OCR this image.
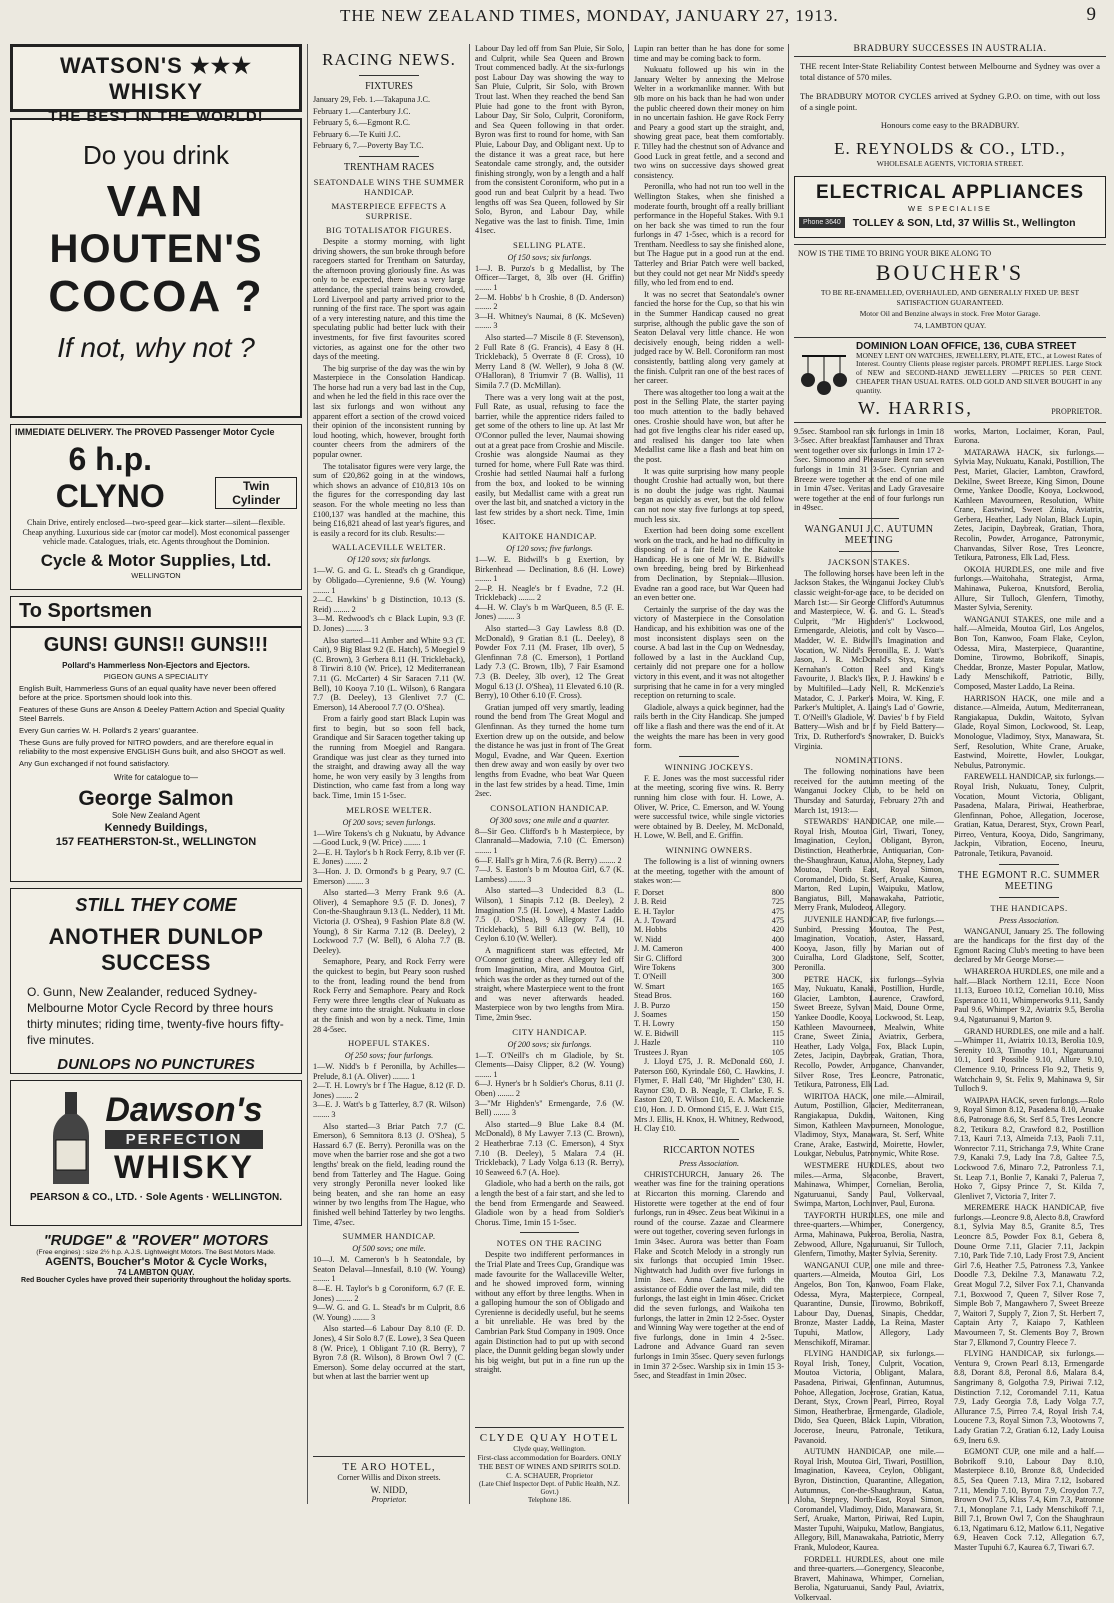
THE NEW ZEALAND TIMES, MONDAY, JANUARY 27, 1913.	9
WATSON'S ★★★ WHISKY
THE BEST IN THE WORLD!
Do you drink
VAN
HOUTEN'S
COCOA ?
If not, why not ?
IMMEDIATE DELIVERY. The PROVED Passenger Motor Cycle
6 h.p. CLYNO	Twin Cylinder
Chain Drive, entirely enclosed—two-speed gear—kick starter—silent—flexible. Cheap anything. Luxurious side car (motor car model). Most economical passenger vehicle made. Catalogues, trials, etc. Agents throughout the Dominion.
Cycle & Motor Supplies, Ltd.
WELLINGTON
To Sportsmen
GUNS! GUNS!! GUNS!!!
Pollard's Hammerless Non-Ejectors and Ejectors.
PIGEON GUNS A SPECIALITY
English Built, Hammerless Guns of an equal quality have never been offered before at the price. Sportsmen should look into this.
Features of these Guns are Anson & Deeley Pattern Action and Special Quality Steel Barrels.
Every Gun carries W. H. Pollard's 2 years' guarantee.
These Guns are fully proved for NITRO powders, and are therefore equal in reliability to the most expensive ENGLISH Guns built, and also SHOOT as well.
Any Gun exchanged if not found satisfactory.
Write for catalogue to—
George Salmon
Sole New Zealand Agent
Kennedy Buildings,
157 FEATHERSTON-St., WELLINGTON
STILL THEY COME
ANOTHER DUNLOP SUCCESS
O. Gunn, New Zealander, reduced Sydney-Melbourne Motor Cycle Record by three hours thirty minutes; riding time, twenty-five hours fifty-five minutes.
DUNLOPS NO PUNCTURES
Dawson's
PERFECTION
WHISKY
PEARSON & CO., LTD. · Sole Agents · WELLINGTON.
"RUDGE" & "ROVER" MOTORS
(Free engines) : size 2½ h.p. A.J.S. Lightweight Motors. The Best Motors Made.
AGENTS, Boucher's Motor & Cycle Works,
74 LAMBTON QUAY.
Red Boucher Cycles have proved their superiority throughout the holiday sports.
RACING NEWS.
FIXTURES

January 29, Feb. 1.—Takapuna J.C.

February 1.—Canterbury J.C.

February 5, 6.—Egmont R.C.

February 6.—Te Kuiti J.C.

February 6, 7.—Poverty Bay T.C.

TRENTHAM RACES
SEATONDALE WINS THE SUMMER HANDICAP.
MASTERPIECE EFFECTS A SURPRISE.
BIG TOTALISATOR FIGURES.

Despite a stormy morning, with light driving showers, the sun broke through before racegoers started for Trentham on Saturday, the afternoon proving gloriously fine. As was only to be expected, there was a very large attendance, the special trains being crowded, Lord Liverpool and party arrived prior to the running of the first race. The sport was again of a very interesting nature, and this time the speculating public had better luck with their investments, for five first favourites scored victories, as against one for the other two days of the meeting.

The big surprise of the day was the win by Masterpiece in the Consolation Handicap. The horse had run a very bad last in the Cup, and when he led the field in this race over the last six furlongs and won without any apparent effort a section of the crowd voiced their opinion of the inconsistent running by loud hooting, which, however, brought forth counter cheers from the admirers of the popular owner.

The totalisator figures were very large, the sum of £20,862 going in at the windows, which shows an advance of £10,813 10s on the figures for the corresponding day last season. For the whole meeting no less than £100,137 was handled at the machine, this being £16,821 ahead of last year's figures, and is easily a record for its club. Results:—

WALLACEVILLE WELTER.
Of 120 sovs; six furlongs.

1—W. G. and G. L. Stead's ch g Grandique, by Obligado—Cyrenienne, 9.6 (W. Young) ........ 1
2—C. Hawkins' b g Distinction, 10.13 (S. Reid) ........ 2
3—M. Redwood's ch c Black Lupin, 9.3 (F. D. Jones) ........ 3

Also started—11 Amber and White 9.3 (T. Cait), 9 Big Blast 9.2 (E. Hatch), 5 Moegiel 9 (C. Brown), 3 Gerbera 8.11 (H. Trickleback), 8 Tirwiri 8.10 (W. Price), 12 Mediterranean 7.11 (G. McCarter) 4 Sir Saracen 7.11 (W. Bell), 10 Kooya 7.10 (L. Wilson), 6 Rangara 7.7 (B. Deeley), 13 Glenlivet 7.7 (C. Emerson), 14 Aberoool 7.7 (O. O'Shea).

From a fairly good start Black Lupin was first to begin, but so soon fell back, Grandique and Sir Saracen together taking up the running from Moegiel and Rangara. Grandique was just clear as they turned into the straight, and drawing away all the way home, he won very easily by 3 lengths from Distinction, who came fast from a long way back. Time, 1min 15 1-5sec.

MELROSE WELTER.
Of 200 sovs; seven furlongs.

1—Wire Tokens's ch g Nukuatu, by Advance—Good Luck, 9 (W. Price) ........ 1
2—E. H. Taylor's b h Rock Ferry, 8.1b ver (F. E. Jones) ........ 2
3—Hon. J. D. Ormond's b g Peary, 9.7 (C. Emerson) ........ 3

Also started—3 Merry Frank 9.6 (A. Oliver), 4 Semaphore 9.5 (F. D. Jones), 7 Con-the-Shaughraun 9.13 (L. Nedder), 11 Mt. Victoria (J. O'Shea), 9 Fashion Plate 8.8 (W. Young), 8 Sir Karma 7.12 (B. Deeley), 2 Lockwood 7.7 (W. Bell), 6 Aloha 7.7 (B. Deeley).

Semaphore, Peary, and Rock Ferry were the quickest to begin, but Peary soon rushed to the front, leading round the bend from Rock Ferry and Semaphore. Peary and Rock Ferry were three lengths clear of Nukuatu as they came into the straight. Nukuatu in close at the finish and won by a neck. Time, 1min 28 4-5sec.

HOPEFUL STAKES.
Of 250 sovs; four furlongs.

1—W. Nidd's b f Peronilla, by Achilles—Prelude, 8.1 (A. Oliver) ........ 1
2—T. H. Lowry's br f The Hague, 8.12 (F. D. Jones) ........ 2
3—E. J. Watt's b g Tatterley, 8.7 (R. Wilson) ........ 3

Also started—3 Briar Patch 7.7 (C. Emerson), 6 Semnitora 8.13 (J. O'Shea), 5 Hassard 6.7 (E. Berry). Peronilla was on the move when the barrier rose and she got a two lengths' break on the field, leading round the bend from Tatterley and The Hague. Going very strongly Peronilla never looked like being beaten, and she ran home an easy winner by two lengths from The Hague, who finished well behind Tatterley by two lengths. Time, 47sec.

SUMMER HANDICAP.
Of 500 sovs; one mile.

10—J. M. Cameron's b h Seatondale, by Seaton Delaval—Innesfail, 8.10 (W. Young) ........ 1
8—E. H. Taylor's b g Coroniform, 6.7 (F. E. Jones) ........ 2
9—W. G. and G. L. Stead's br m Culprit, 8.6 (W. Young) ........ 3

Also started—6 Labour Day 8.10 (F. D. Jones), 4 Sir Solo 8.7 (E. Lowe), 3 Sea Queen 8 (W. Price), 1 Obligant 7.10 (R. Berry), 7 Byron 7.8 (R. Wilson), 8 Brown Owl 7 (C. Emerson). Some delay occurred at the start, but when at last the barrier went up

TE ARO HOTEL,
Corner Willis and Dixon streets.
W. NIDD,
Proprietor.

Labour Day led off from San Pluie, Sir Solo, and Culprit, while Sea Queen and Brown Trout commenced badly. At the six-furlongs post Labour Day was showing the way to San Pluie, Culprit, Sir Solo, with Brown Trout last. When they reached the bend San Pluie had gone to the front with Byron, Labour Day, Sir Solo, Culprit, Coroniform, and Sea Queen following in that order. Byron was first to round for home, with San Pluie, Labour Day, and Obligant next. Up to the distance it was a great race, but here Seatondale came strongly, and, the outsider finishing strongly, won by a length and a half from the consistent Coroniform, who put in a good run and beat Culprit by a head. Two lengths off was Sea Queen, followed by Sir Solo, Byron, and Labour Day, while Negative was the last to finish. Time, 1min 41sec.

SELLING PLATE.
Of 150 sovs; six furlongs.

1—J. B. Purzo's b g Medallist, by The Officer—Target, 8, 3lb over (H. Griffin) ........ 1
2—M. Hobbs' b h Croshie, 8 (D. Anderson) ........ 2
3—H. Whitney's Naumai, 8 (K. McSeven) ........ 3

Also started—7 Miscile 8 (F. Stevenson), 2 Full Rate 8 (G. Francis), 4 Easy 8 (H. Trickleback), 5 Overrate 8 (F. Cross), 10 Merry Land 8 (W. Weller), 9 Joha 8 (W. O'Halloran), 8 Triumvir 7 (B. Wallis), 11 Simila 7.7 (D. McMillan).

There was a very long wait at the post, Full Rate, as usual, refusing to face the barrier, while the apprentice riders failed to get some of the others to line up. At last Mr O'Connor pulled the lever, Naumai showing out at a great pace from Croshie and Miscile. Croshie was alongside Naumai as they turned for home, where Full Rate was third. Croshie had settled Naumai half a furlong from the box, and looked to be winning easily, but Medallist came with a great run over the last bit, and snatched a victory in the last few strides by a short neck. Time, 1min 16sec.

KAITOKE HANDICAP.
Of 120 sovs; five furlongs.

1—W. E. Bidwill's b g Exertion, by Birkenhead — Declination, 8.6 (H. Lowe) ........ 1
2—P. H. Neagle's br f Evadne, 7.2 (H. Trickleback) ........ 2
4—H. W. Clay's b m WarQueen, 8.5 (F. E. Jones) ........ 3

Also started—3 Gay Lawless 8.8 (D. McDonald), 9 Gratian 8.1 (L. Deeley), 8 Powder Fox 7.11 (M. Fraser, 1lb over), 5 Glenfinnan 7.8 (C. Emerson), 1 Portland Lady 7.3 (C. Brown, 1lb), 7 Fair Esamond 7.3 (B. Deeley, 3lb over), 12 The Great Mogul 6.13 (J. O'Shea), 11 Elevated 6.10 (R. Berry), 10 Other 6.10 (F. Cross).

Gratian jumped off very smartly, leading round the bend from The Great Mogul and Glenfinnan. As they turned the home turn Exertion drew up on the outside, and below the distance he was just in front of The Great Mogul, Evadne, and War Queen. Exertion then drew away and won easily by over two lengths from Evadne, who beat War Queen in the last few strides by a head. Time, 1min 2sec.

CONSOLATION HANDICAP.
Of 300 sovs; one mile and a quarter.

8—Sir Geo. Clifford's b h Masterpiece, by Clanranald—Madowia, 7.10 (C. Emerson) ........ 1
6—F. Hall's gr h Mira, 7.6 (R. Berry) ........ 2
7—J. S. Easton's b m Moutoa Girl, 6.7 (K. Lambess) ........ 3

Also started—3 Undecided 8.3 (L. Wilson), 1 Sinapis 7.12 (B. Deeley), 2 Imagination 7.5 (H. Lowe), 4 Master Laddo 7.5 (J. O'Shea), 9 Allegory 7.4 (H. Trickleback), 5 Bill 6.13 (W. Bell), 10 Ceylon 6.10 (W. Weller).

A magnificent start was effected, Mr O'Connor getting a cheer. Allegory led off from Imagination, Mira, and Moutoa Girl, which was the order as they turned out of the straight, where Masterpiece went to the front and was never afterwards headed. Masterpiece won by two lengths from Mira. Time, 2min 9sec.

CITY HANDICAP.
Of 200 sovs; six furlongs.

1—T. O'Neill's ch m Gladiole, by St. Clements—Daisy Clipper, 8.2 (W. Young) ........ 1
6—J. Hyner's br h Soldier's Chorus, 8.11 (J. Oben) ........ 2
3—"Mr Highden's" Ermengarde, 7.6 (W. Bell) ........ 3

Also started—9 Blue Lake 8.4 (M. McDonald), 8 My Lawyer 7.13 (C. Brown), 2 Heatherbrae 7.13 (C. Emerson), 4 Styx 7.10 (B. Deeley), 5 Malara 7.4 (H. Trickleback), 7 Lady Volga 6.13 (R. Berry), 10 Seaweed 6.7 (A. Hoe).

Gladiole, who had a berth on the rails, got a length the best of a fair start, and she led to the bend from Ermengarde and Seaweed. Gladiole won by a head from Soldier's Chorus. Time, 1min 15 1-5sec.

NOTES ON THE RACING

Despite two indifferent performances in the Trial Plate and Trees Cup, Grandique was made favourite for the Wallaceville Welter, and he showed improved form, winning without any effort by three lengths. When in a galloping humour the son of Obligado and Cyrenienne is decidedly useful, but he seems a bit unreliable. He was bred by the Cambrian Park Stud Company in 1909. Once again Distinction had to put up with second place, the Dunnit gelding began slowly under his big weight, but put in a fine run up the straight.

CLYDE QUAY HOTEL
Clyde quay, Wellington.
First-class accommodation for Boarders. ONLY THE BEST OF WINES AND SPIRITS SOLD.
C. A. SCHAUER, Proprietor
(Late Chief Inspector Dept. of Public Health, N.Z. Govt.)
Telephone 186.

Lupin ran better than he has done for some time and may be coming back to form.

Nukuatu followed up his win in the January Welter by annexing the Melrose Welter in a workmanlike manner. With but 9lb more on his back than he had won under the public cheered down their money on him in no uncertain fashion. He gave Rock Ferry and Peary a good start up the straight, and, showing great pace, beat them comfortably. F. Tilley had the chestnut son of Advance and Good Luck in great fettle, and a second and two wins on successive days showed great consistency.

Peronilla, who had not run too well in the Wellington Stakes, when she finished a moderate fourth, brought off a really brilliant performance in the Hopeful Stakes. With 9.1 on her back she was timed to run the four furlongs in 47 1-5sec, which is a record for Trentham. Needless to say she finished alone, but The Hague put in a good run at the end. Tatterley and Briar Patch were well backed, but they could not get near Mr Nidd's speedy filly, who led from end to end.

It was no secret that Seatondale's owner fancied the horse for the Cup, so that his win in the Summer Handicap caused no great surprise, although the public gave the son of Seaton Delaval very little chance. He won decisively enough, being ridden a well-judged race by W. Bell. Coroniform ran most consistently, battling along very gamely at the finish. Culprit ran one of the best races of her career.

There was altogether too long a wait at the post in the Selling Plate, the starter paying too much attention to the badly behaved ones. Croshie should have won, but after he had got five lengths clear his rider eased up, and realised his danger too late when Medallist came like a flash and beat him on the post.

It was quite surprising how many people thought Croshie had actually won, but there is no doubt the judge was right. Naumai began as quickly as ever, but the old fellow can not now stay five furlongs at top speed, much less six.

Exertion had been doing some excellent work on the track, and he had no difficulty in disposing of a fair field in the Kaitoke Handicap. He is one of Mr W. E. Bidwill's own breeding, being bred by Birkenhead from Declination, by Stepniak—Illusion. Evadne ran a good race, but War Queen had an even better one.

Certainly the surprise of the day was the victory of Masterpiece in the Consolation Handicap, and his exhibition was one of the most inconsistent displays seen on the course. A bad last in the Cup on Wednesday, followed by a last in the Auckland Cup, certainly did not prepare one for a hollow victory in this event, and it was not altogether surprising that he came in for a very mingled reception on returning to scale.

Gladiole, always a quick beginner, had the rails berth in the City Handicap. She jumped off like a flash and there was the end of it. At the weights the mare has been in very good form.

WINNING JOCKEYS.

F. E. Jones was the most successful rider at the meeting, scoring five wins. R. Berry running him close with four. H. Lowe, A. Oliver, W. Price, C. Emerson, and W. Young were successful twice, while single victories were obtained by B. Deeley, M. McDonald, H. Lowe, W. Bell, and E. Griffin.

WINNING OWNERS.

The following is a list of winning owners at the meeting, together with the amount of stakes won:—

F. Dorset	800
J. B. Reid	725
E. H. Taylor	475
A. J. Toward	475
M. Hobbs	420
W. Nidd	400
J. M. Cameron	400
Sir G. Clifford	300
Wire Tokens	300
T. O'Neill	300
W. Smart	165
Stead Bros.	160
J. B. Purzo	150
J. Soames	150
T. H. Lowry	150
W. E. Bidwill	115
J. Hazle	110
Trustees J. Ryan	105

J. Lloyd £75, J. R. McDonald £60, J. Paterson £60, Kyrindale £60, C. Hawkins, J. Flymer, F. Hall £40, "Mr Highden" £30, H. Raynor £30, D. B. Neagle, T. Clarke, F. S. Easton £20, T. Wilson £10, E. A. Mackenzie £10, Hon. J. D. Ormond £15, E. J. Watt £15, Mrs J. Ellis, H. Knox, H. Whitney, Redwood, H. Clay £10.

RICCARTON NOTES
Press Association.

CHRISTCHURCH, January 26. The weather was fine for the training operations at Riccarton this morning. Clarendo and Historette were together at the end of four furlongs, run in 49sec. Zeus beat Wikinui in a round of the course. Zazae and Clearmere were out together, covering seven furlongs in 1min 34sec. Aurora was better than Foam Flake and Scotch Melody in a strongly run six furlongs that occupied 1min 19sec. Nightwatch had Judith over five furlongs in 1min 3sec. Anna Caderma, with the assistance of Eddie over the last mile, did ten furlongs, the last eight in 1min 46sec. Cricket did the seven furlongs, and Waikoha ten furlongs, the latter in 2min 12 2-5sec. Oyster and Winning Way were together at the end of five furlongs, done in 1min 4 2-5sec. Ladrone and Advance Guard ran seven furlongs in 1min 35sec. Query seven furlongs in 1min 37 2-5sec. Warship six in 1min 15 3-5sec, and Steadfast in 1min 20sec.

BRADBURY SUCCESSES IN AUSTRALIA.

THE recent Inter-State Reliability Contest between Melbourne and Sydney was over a total distance of 570 miles.

The BRADBURY MOTOR CYCLES arrived at Sydney G.P.O. on time, with out loss of a single point.

Honours come easy to the BRADBURY.

E. REYNOLDS & CO., LTD.,
WHOLESALE AGENTS, VICTORIA STREET.
ELECTRICAL APPLIANCES
WE SPECIALISE
Phone 3640	TOLLEY & SON, Ltd, 37 Willis St., Wellington

NOW IS THE TIME TO BRING YOUR BIKE ALONG TO

BOUCHER'S

TO BE RE-ENAMELLED, OVERHAULED, AND GENERALLY FIXED UP. BEST SATISFACTION GUARANTEED.

Motor Oil and Benzine always in stock. Free Motor Garage.

74, LAMBTON QUAY.

DOMINION LOAN OFFICE, 136, CUBA STREET

MONEY LENT ON WATCHES, JEWELLERY, PLATE, ETC., at Lowest Rates of Interest. Country Clients please register parcels. PROMPT REPLIES. Large Stock of NEW and SECOND-HAND JEWELLERY —PRICES 50 PER CENT. CHEAPER THAN USUAL RATES. OLD GOLD AND SILVER BOUGHT in any quantity.

W. HARRIS,	PROPRIETOR.

9.5sec. Stambool ran six furlongs in 1min 18 3-5sec. After breakfast Tamhauser and Thrax went together over six furlongs in 1min 17 2-5sec. Simoomo and Pleasure Bent ran seven furlongs in 1min 31 3-5sec. Cynrian and Breeze were together at the end of one mile in 1min 47sec. Veritas and Lady Gravesaire were together at the end of four furlongs run in 49sec.

WANGANUI J.C. AUTUMN MEETING
JACKSON STAKES.

The following horses have been left in the Jackson Stakes, the Wanganui Jockey Club's classic weight-for-age race, to be decided on March 1st:— Sir George Clifford's Autumnus and Masterpiece, W. G. and G. L. Stead's Culprit, "Mr Highden's" Lockwood, Ermengarde, Aleiotis, and colt by Vasco—Madder, W. E. Bidwill's Imagination and Vocation, W. Nidd's Peronilla, E. J. Watt's Jason, J. R. McDonald's Styx, Estate Kernahan's Cotton Reel and King's Favourite, J. Black's Ilex, P. J. Hawkins' b e by Multifiled—Lady Nell, R. McKenzie's Matador, C. J. Parker's Moira, W. King, F. Parker's Multiplet, A. Laing's Lad o' Gowrie, T. O'Neill's Gladiole, W. Davies' b f by Field Battery—Wish and br f by Field Battery—Trix, D. Rutherford's Snowraker, D. Buick's Virginia.

NOMINATIONS.

The following nominations have been received for the autumn meeting of the Wanganui Jockey Club, to be held on Thursday and Saturday, February 27th and March 1st, 1913:—

STEWARDS' HANDICAP, one mile.—Royal Irish, Moutoa Girl, Tiwari, Toney, Imagination, Ceylon, Obligant, Byron, Distinction, Heatherbrae, Antiquarian, Con-the-Shaughraun, Katua, Aloha, Stepney, Lady Moutoa, North East, Royal Simon, Coromandel, Dido, St. Serf, Aruake, Kaurea, Marton, Red Lupin, Waipuku, Matlow, Bangiatus, Bill, Manawakaha, Patriotic, Merry Frank, Mulodeor, Allegory.

JUVENILE HANDICAP, five furlongs.—Sunbird, Pressing Moutoa, The Pest, Imagination, Vocation, Aster, Hassard, Kooya, Jason, filly by Marian out of Cuiralha, Lord Gladstone, Self, Scotter, Peronilla.

PETRE HACK, six furlongs—Sylvia May, Nukuatu, Kanaki, Postillion, Hurdle, Glacier, Lambton, Laurence, Crawford, Sweet Breeze, Sylvan Maid, Doune Orme, Yankee Doodle, Kooya, Lockwood, St. Leap, Kathleen Mavourneen, Mealwin, White Crane, Sweet Zinia, Aviatrix, Gerbera, Heather, Lady Volga, Fox, Black Lupin, Zetes, Jacipin, Daybreak, Gratian, Thora, Recollo, Powder, Arrogance, Chanvander, Silver Rose, Tres Leoncre, Patronatic, Tetikura, Patroness, Elk Lad.

WIRITOA HACK, one mile.—Almirail, Autum, Postillion, Glacier, Mediterranean, Rangiakapua, Dukdin, Waitonen, King Simon, Kathleen Mavourneen, Monologue, Vladimoy, Styx, Manawara, St. Serf, White Crane, Arake, Eastwind, Moirette, Howler, Loukgar, Nebulus, Patronymic, White Rose.

WESTMERE HURDLES, about two miles.—Arma, Sleaconbe, Bravert, Mahinawa, Whimper, Cornelian, Berolia, Ngaturuanui, Sandy Paul, Volkervaal, Swimpa, Marton, Lochinver, Paul, Eurona.

TAYFORTH HURDLES, one mile and three-quarters.—Whimper, Conergency, Arma, Mahinawa, Pukeroa, Berolia, Nastra, Zebwood, Allure, Ngaturuanui, Sir Tulloch, Glenfern, Timothy, Master Sylvia, Serenity.

WANGANUI CUP, one mile and three-quarters.—Almeida, Moutoa Girl, Los Angelos, Bon Ton, Kanwoo, Foam Flake, Odessa, Myra, Masterpiece, Cornpeal, Quarantine, Dunsie, Tirowmo, Bobrikoff, Labour Day, Duenas, Sinapis, Cheddar, Bronze, Master Laddo, La Reina, Master Tupuhi, Matlow, Allegory, Lady Menschikoff, Miramar.

FLYING HANDICAP, six furlongs.—Royal Irish, Toney, Culprit, Vocation, Moutoa Victoria, Obligant, Malara, Pasadena, Piriwai, Glenfinnan, Autumnus, Pohoe, Allegation, Jocerose, Gratian, Katua, Derant, Styx, Crown Pearl, Pirreo, Royal Simon, Heatherbrae, Ermengarde, Gladiole, Dido, Sea Queen, Black Lupin, Vibration, Jocerose, Ineuru, Patronale, Tetikura, Pavanoid.

AUTUMN HANDICAP, one mile.—Royal Irish, Moutoa Girl, Tiwari, Postillion, Imagination, Kaveea, Ceylon, Obligant, Byron, Distinction, Quarantine, Allegation, Autumnus, Con-the-Shaughraun, Katua, Aloha, Stepney, North-East, Royal Simon, Coromandel, Vladimoy, Dido, Manawara, St. Serf, Aruake, Marton, Piriwai, Red Lupin, Master Tupuhi, Waipuku, Matlow, Bangiatus, Allegory, Bill, Manawakaha, Patriotic, Merry Frank, Mulodeor, Kaurea.

FORDELL HURDLES, about one mile and three-quarters.—Gonergency, Sleaconbe, Bravert, Mahinawa, Whimper, Cornelian, Berolia, Ngaturuanui, Sandy Paul, Aviatrix, Volkervaal.

works, Marton, Loclaimer, Koran, Paul, Eurona.

MATARAWA HACK, six furlongs.—Sylvia May, Nukuatu, Kanaki, Postillion, The Pest, Mariet, Glacier, Lambton, Crawford, Dekilne, Sweet Breeze, King Simon, Doune Orme, Yankee Doodle, Kooya, Lockwood, Kathleen Mavourneen, Resolution, White Crane, Eastwind, Sweet Zinia, Aviatrix, Gerbera, Heather, Lady Nolan, Black Lupin, Zetes, Jacipin, Daybreak, Gratian, Thora, Recolin, Powder, Arrogance, Patronymic, Chanvandas, Silver Rose, Tres Leoncre, Tetikura, Patroness, Elk Lad, Fless.

OKOIA HURDLES, one mile and five furlongs.—Waitohaha, Strategist, Arma, Mahinawa, Pukeroa, Knutsford, Berolia, Allure, Sir Tulloch, Glenfern, Timothy, Master Sylvia, Serenity.

WANGANUI STAKES, one mile and a half.—Almeida, Moutoa Girl, Los Angelos, Bon Ton, Kanwoo, Foam Flake, Ceylon, Odessa, Mira, Masterpiece, Quarantine, Domine, Tirowmo, Bobrikoff, Sinapis, Cheddar, Bronze, Master Popular, Matlow, Lady Menschikoff, Patriotic, Billy, Composed, Master Laddo, La Reina.

HARRISON HACK, one mile and a distance.—Almeida, Autum, Mediterranean, Rangiakapua, Dukdin, Waitoto, Sylvan Glade, Royal Simon, Lockwood, St. Leap, Monologue, Vladimoy, Styx, Manawara, St. Serf, Resolution, White Crane, Aruake, Eastwind, Moirette, Howler, Loukgar, Nebulus, Patronymic.

FAREWELL HANDICAP, six furlongs.—Royal Irish, Nukuatu, Toney, Culprit, Vocation, Mount Victoria, Obligant, Pasadena, Malara, Piriwai, Heatherbrae, Glenfinnan, Pohoe, Allegation, Jocerose, Gratian, Katua, Derarest, Styx, Crown Pearl, Pirreo, Ventura, Kooya, Dido, Sangrimany, Jackpin, Vibration, Eoceno, Ineuru, Patronale, Tetikura, Pavanoid.

THE EGMONT R.C. SUMMER MEETING
THE HANDICAPS.
Press Association.

WANGANUI, January 25. The following are the handicaps for the first day of the Egmont Racing Club's meeting to have been declared by Mr George Morse:—

WHAREROA HURDLES, one mile and a half.—Black Northern 12.11, Ecce Noon 11.13, Euroeo 10.12, Cornelian 10.10, Miss Esperance 10.11, Whimperworks 9.11, Sandy Paul 9.6, Whimper 9.2, Aviatrix 9.5, Berolia 9.4, Ngaturuanui 9, Marton 9.

GRAND HURDLES, one mile and a half.—Whimper 11, Aviatrix 10.13, Berolia 10.9, Serenity 10.3, Timothy 10.1, Ngaturuanui 10.1, Lord Possible 9.10, Allure 9.10, Clemence 9.10, Princess Flo 9.2, Thetis 9, Watchchain 9, St. Felix 9, Mahinawa 9, Sir Tulloch 9.

WAIPAPA HACK, seven furlongs.—Rolo 9, Royal Simon 8.12, Pasadena 8.10, Aruake 8.6, Patronage 8.6, St. Serf 8.5, Tres Leoncre 8.2, Tetikura 8.2, Crawford 8.2, Postillion 7.13, Kauri 7.13, Almeida 7.13, Paoli 7.11, Wonrector 7.11, Strichanga 7.9, White Crane 7.9, Kanaki 7.9, Lady Ina 7.8, Galtee 7.5, Lockwood 7.6, Minaro 7.2, Patronless 7.1, St. Leap 7.1, Bonlie 7, Kanaki 7, Palerua 7, Hoko 7, Gipsy Prince 7, St. Kilda 7, Glenlivet 7, Victoria 7, Iriter 7.

MEREMERE HACK HANDICAP, five furlongs.—Leoncre 9.8, Alecto 8.8, Crawford 8.1, Sylvia May 8.5, Granite 8.5, Tres Leoncre 8.5, Powder Fox 8.1, Gebera 8, Doune Orme 7.11, Glacier 7.11, Jackpin 7.10, Park Tide 7.10, Lady Frost 7.9, Ancient Girl 7.6, Heather 7.5, Patroness 7.3, Yankee Doodle 7.3, Dekilne 7.3, Manawatu 7.2, Great Mogul 7.2, Silver Fox 7.1, Chanvanda 7.1, Boxwood 7, Queen 7, Silver Rose 7, Simple Bob 7, Mangawhero 7, Sweet Breeze 7, Waitori 7, Supply 7, Zion 7, St. Herbert 7, Captain Arty 7, Kaiapo 7, Kathleen Mavourneen 7, St. Clements Boy 7, Brown Star 7, Elkmond 7, Country Fleece 7.

FLYING HANDICAP, six furlongs.—Ventura 9, Crown Pearl 8.13, Ermengarde 8.8, Dorant 8.8, Peronal 8.6, Malara 8.4, Sangrimany 8, Golgotha 7.9, Piriwai 7.12, Distinction 7.12, Coromandel 7.11, Katua 7.9, Lady Georgia 7.8, Lady Volga 7.7, Allurance 7.5, Pirreo 7.4, Royal Irish 7.4, Loucene 7.3, Royal Simon 7.3, Wootowns 7, Lady Gratian 7.2, Gratian 6.12, Lady Louisa 6.9, Ineru 6.9.

EGMONT CUP, one mile and a half.—Bobrikoff 9.10, Labour Day 8.10, Masterpiece 8.10, Bronze 8.8, Undecided 8.5, Sea Queen 7.13, Mira 7.12, Isobared 7.11, Mendip 7.10, Byron 7.9, Croydon 7.7, Brown Owl 7.5, Kliss 7.4, Kim 7.3, Patronne 7.1, Monoplane 7.1, Lady Menschikoff 7.1, Bill 7.1, Brown Owl 7, Con the Shaughraun 6.13, Ngatimaru 6.12, Matlow 6.11, Negative 6.9, Heaven Cock 7.12, Allegation 6.7, Master Tupuhi 6.7, Kaurea 6.7, Tiwari 6.7.
